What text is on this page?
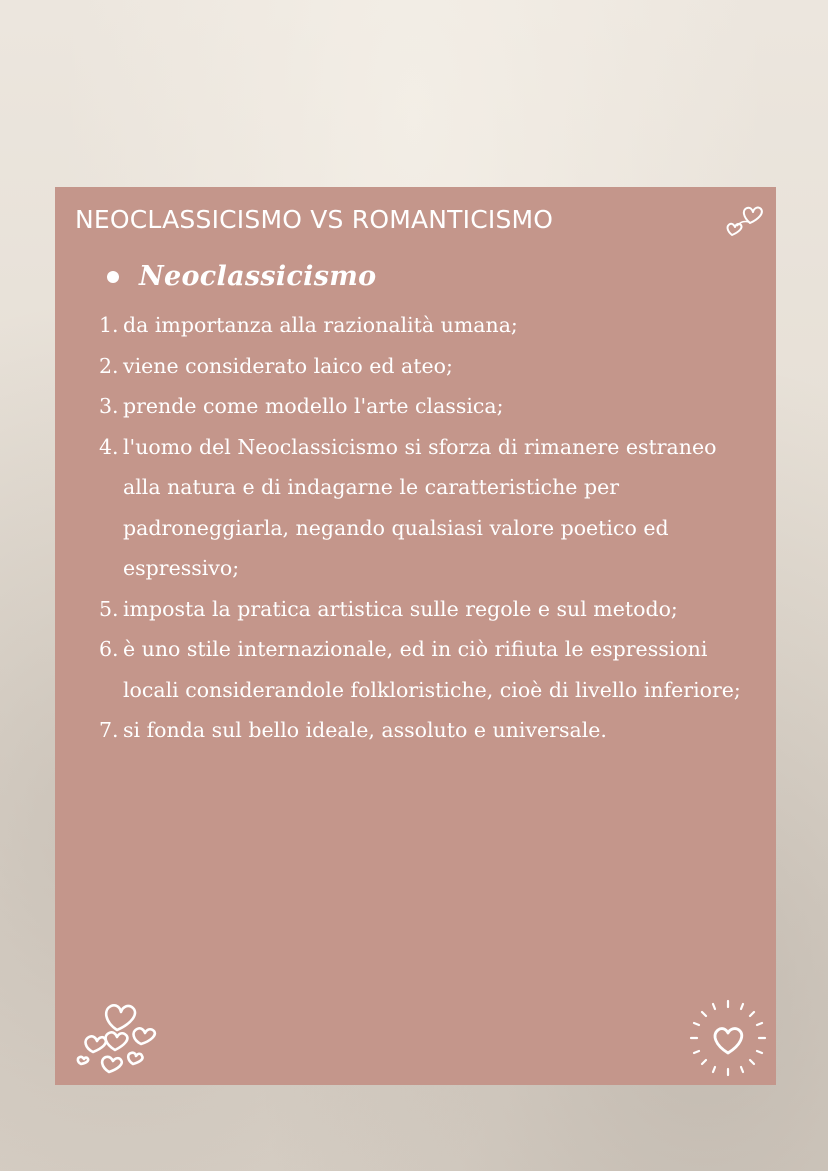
NEOCLASSICISMO VS ROMANTICISMO
Neoclassicismo
1. da importanza alla razionalità umana;
2. viene considerato laico ed ateo;
3. prende come modello l'arte classica;
4. l'uomo del Neoclassicismo si sforza di rimanere estraneo alla natura e di indagarne le caratteristiche per padroneggiarla, negando qualsiasi valore poetico ed espressivo;
5. imposta la pratica artistica sulle regole e sul metodo;
6. è uno stile internazionale, ed in ciò rifiuta le espressioni locali considerandole folkloristiche, cioè di livello inferiore;
7. si fonda sul bello ideale, assoluto e universale.
